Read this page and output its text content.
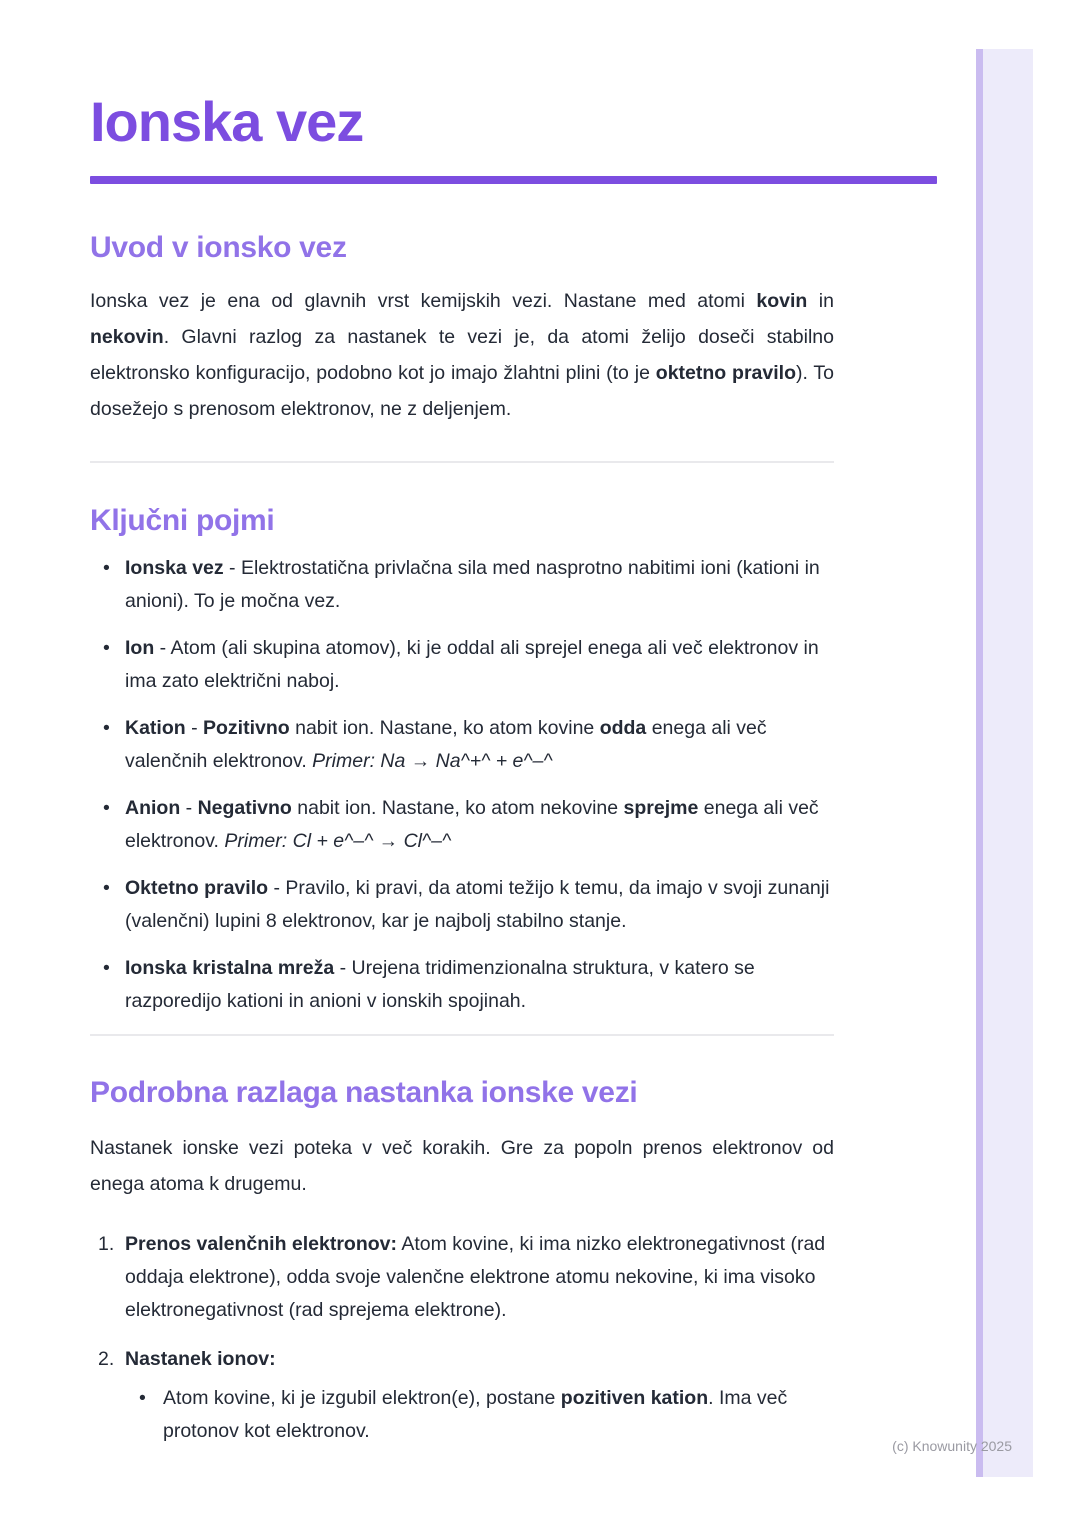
Ionska vez
Uvod v ionsko vez

Ionska vez je ena od glavnih vrst kemijskih vezi. Nastane med atomi kovin in nekovin. Glavni razlog za nastanek te vezi je, da atomi želijo doseči stabilno elektronsko konfiguracijo, podobno kot jo imajo žlahtni plini (to je oktetno pravilo). To dosežejo s prenosom elektronov, ne z deljenjem.

Ključni pojmi
• Ionska vez - Elektrostatična privlačna sila med nasprotno nabitimi ioni (kationi in anioni). To je močna vez.
• Ion - Atom (ali skupina atomov), ki je oddal ali sprejel enega ali več elektronov in ima zato električni naboj.
• Kation - Pozitivno nabit ion. Nastane, ko atom kovine odda enega ali več valenčnih elektronov. Primer: Na → Na^+^ + e^–^
• Anion - Negativno nabit ion. Nastane, ko atom nekovine sprejme enega ali več elektronov. Primer: Cl + e^–^ → Cl^–^
• Oktetno pravilo - Pravilo, ki pravi, da atomi težijo k temu, da imajo v svoji zunanji (valenčni) lupini 8 elektronov, kar je najbolj stabilno stanje.
• Ionska kristalna mreža - Urejena tridimenzionalna struktura, v katero se razporedijo kationi in anioni v ionskih spojinah.
Podrobna razlaga nastanka ionske vezi

Nastanek ionske vezi poteka v več korakih. Gre za popoln prenos elektronov od enega atoma k drugemu.

1. Prenos valenčnih elektronov: Atom kovine, ki ima nizko elektronegativnost (rad oddaja elektrone), odda svoje valenčne elektrone atomu nekovine, ki ima visoko elektronegativnost (rad sprejema elektrone).
2. Nastanek ionov:
• Atom kovine, ki je izgubil elektron(e), postane pozitiven kation. Ima več protonov kot elektronov.
(c) Knowunity 2025
